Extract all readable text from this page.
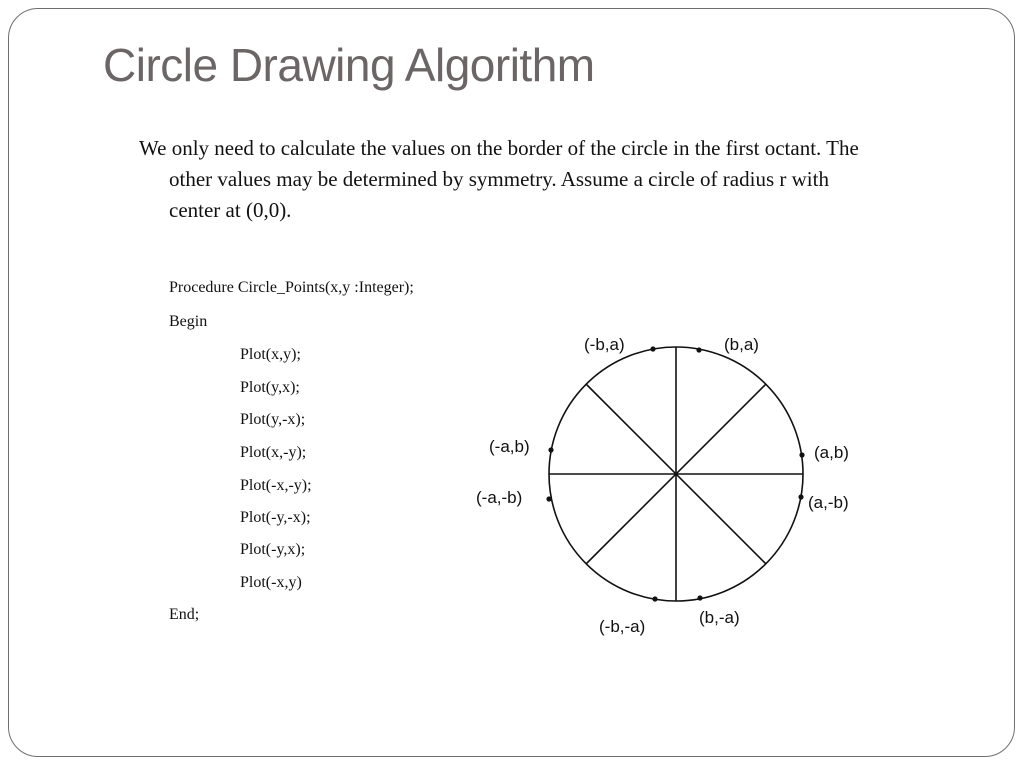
Circle Drawing Algorithm

We only need to calculate the values on the border of the circle in the first octant. The
other values may be determined by symmetry. Assume a circle of radius r with
center at (0,0).

Procedure Circle_Points(x,y :Integer);
Begin
Plot(x,y);
Plot(y,x);
Plot(y,-x);
Plot(x,-y);
Plot(-x,-y);
Plot(-y,-x);
Plot(-y,x);
Plot(-x,y)
End;
(-b,a)	(b,a)
(-a,b)	(a,b)
(-a,-b)	(a,-b)
(-b,-a)	(b,-a)
